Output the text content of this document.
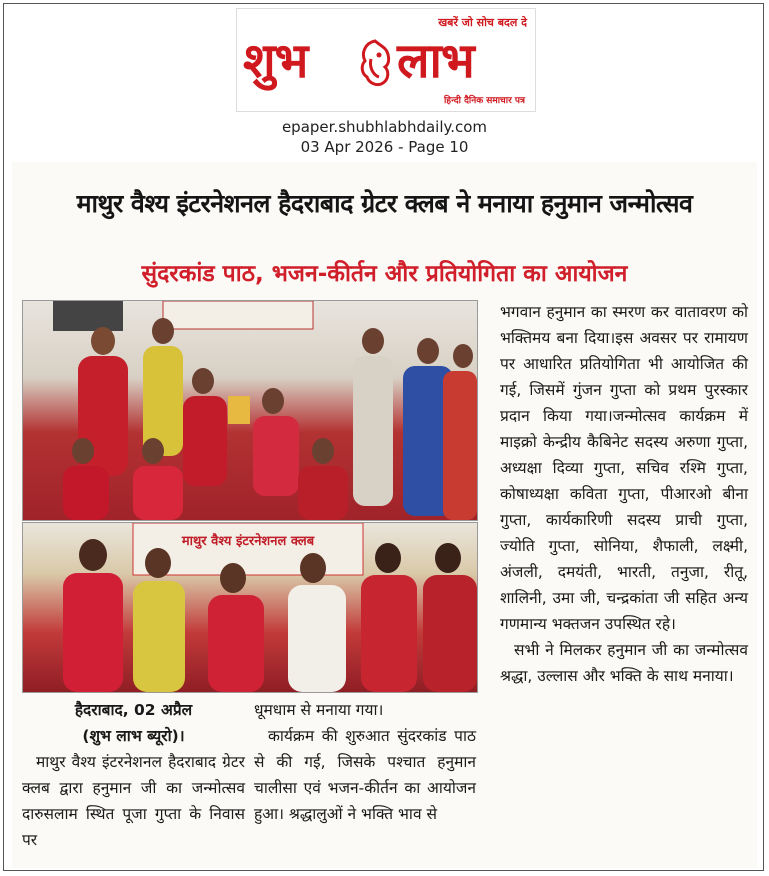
खबरें जो सोच बदल दे
शुभ लाभ
हिन्दी दैनिक समाचार पत्र
epaper.shubhlabhdaily.com
03 Apr 2026 - Page 10
माथुर वैश्य इंटरनेशनल हैदराबाद ग्रेटर क्लब ने मनाया हनुमान जन्मोत्सव
सुंदरकांड पाठ, भजन-कीर्तन और प्रतियोगिता का आयोजन
माथुर वैश्य इंटरनेशनल क्लब

भगवान हनुमान का स्मरण कर वातावरण को भक्तिमय बना दिया।इस अवसर पर रामायण पर आधारित प्रतियोगिता भी आयोजित की गई, जिसमें गुंजन गुप्ता को प्रथम पुरस्कार प्रदान किया गया।जन्मोत्सव कार्यक्रम में माइक्रो केन्द्रीय कैबिनेट सदस्य अरुणा गुप्ता, अध्यक्षा दिव्या गुप्ता, सचिव रश्मि गुप्ता, कोषाध्यक्षा कविता गुप्ता, पीआरओ बीना गुप्ता, कार्यकारिणी सदस्य प्राची गुप्ता, ज्योति गुप्ता, सोनिया, शैफाली, लक्ष्मी, अंजली, दमयंती, भारती, तनुजा, रीतू, शालिनी, उमा जी, चन्द्रकांता जी सहित अन्य गणमान्य भक्तजन उपस्थित रहे।

सभी ने मिलकर हनुमान जी का जन्मोत्सव श्रद्धा, उल्लास और भक्ति के साथ मनाया।

हैदराबाद, 02 अप्रैल
(शुभ लाभ ब्यूरो)।

माथुर वैश्य इंटरनेशनल हैदराबाद ग्रेटर क्लब द्वारा हनुमान जी का जन्मोत्सव दारुसलाम स्थित पूजा गुप्ता के निवास पर

धूमधाम से मनाया गया।

कार्यक्रम की शुरुआत सुंदरकांड पाठ से की गई, जिसके पश्चात हनुमान चालीसा एवं भजन-कीर्तन का आयोजन हुआ। श्रद्धालुओं ने भक्ति भाव से
